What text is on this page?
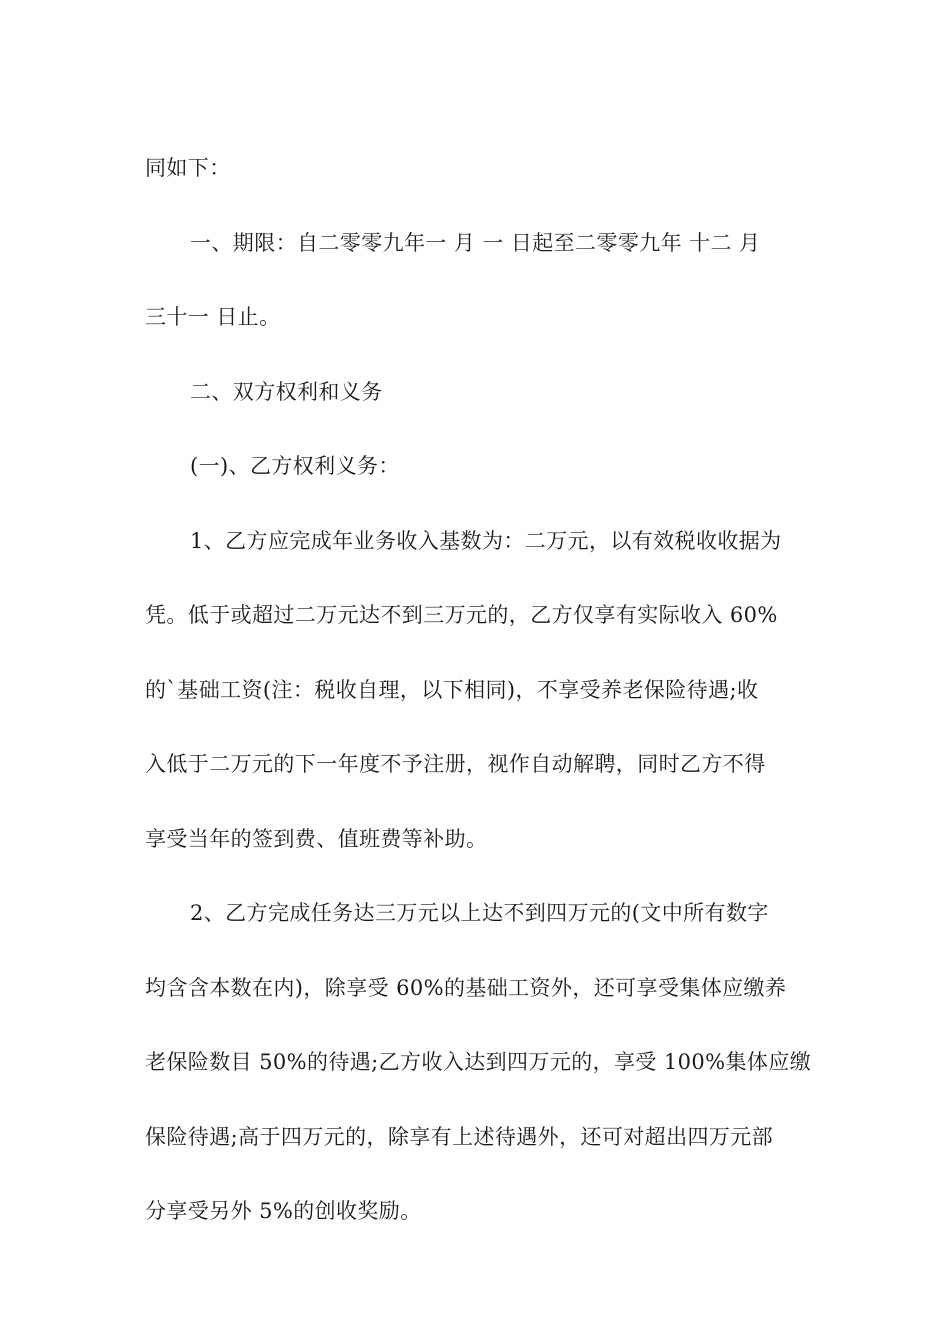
同如下：
一、期限：自二零零九年一 月 一 日起至二零零九年 十二 月
三十一 日止。
二、双方权利和义务
(一)、乙方权利义务：
1、乙方应完成年业务收入基数为：二万元，以有效税收收据为
凭。低于或超过二万元达不到三万元的，乙方仅享有实际收入 60%
的`基础工资(注：税收自理，以下相同)，不享受养老保险待遇;收
入低于二万元的下一年度不予注册，视作自动解聘，同时乙方不得
享受当年的签到费、值班费等补助。
2、乙方完成任务达三万元以上达不到四万元的(文中所有数字
均含含本数在内)，除享受 60%的基础工资外，还可享受集体应缴养
老保险数目 50%的待遇;乙方收入达到四万元的，享受 100%集体应缴
保险待遇;高于四万元的，除享有上述待遇外，还可对超出四万元部
分享受另外 5%的创收奖励。
